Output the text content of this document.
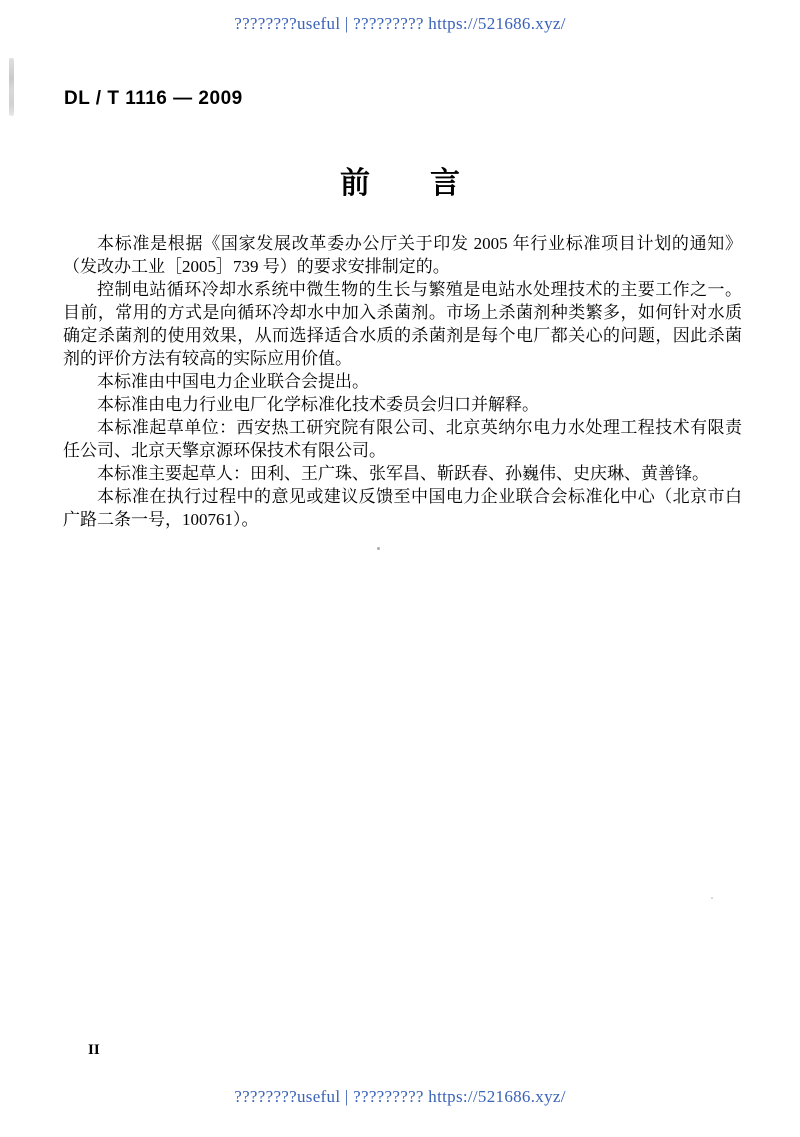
????????useful | ????????? https://521686.xyz/
DL / T 1116 — 2009
前　　言

本标准是根据《国家发展改革委办公厅关于印发 2005 年行业标准项目计划的通知》（发改办工业［2005］739 号）的要求安排制定的。

控制电站循环冷却水系统中微生物的生长与繁殖是电站水处理技术的主要工作之一。目前，常用的方式是向循环冷却水中加入杀菌剂。市场上杀菌剂种类繁多，如何针对水质确定杀菌剂的使用效果，从而选择适合水质的杀菌剂是每个电厂都关心的问题，因此杀菌剂的评价方法有较高的实际应用价值。

本标准由中国电力企业联合会提出。

本标准由电力行业电厂化学标准化技术委员会归口并解释。

本标准起草单位：西安热工研究院有限公司、北京英纳尔电力水处理工程技术有限责任公司、北京天擎京源环保技术有限公司。

本标准主要起草人：田利、王广珠、张军昌、靳跃春、孙巍伟、史庆琳、黄善锋。

本标准在执行过程中的意见或建议反馈至中国电力企业联合会标准化中心（北京市白广路二条一号，100761）。

II
????????useful | ????????? https://521686.xyz/
